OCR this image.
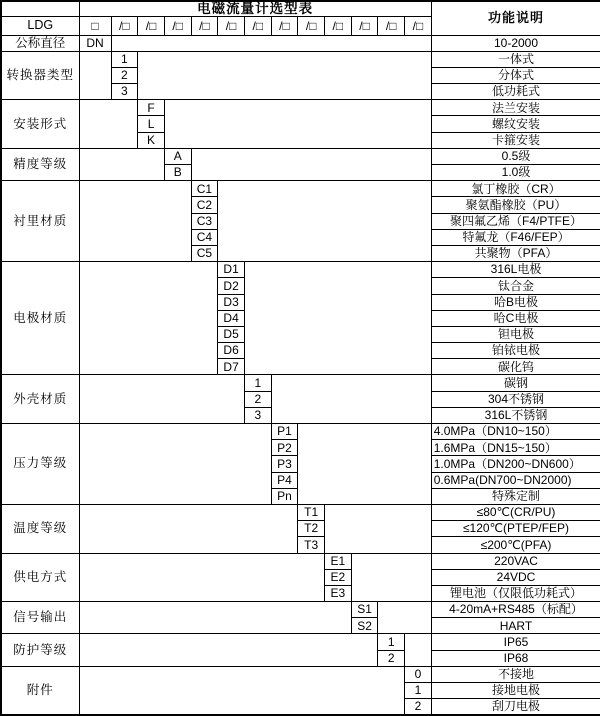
	电磁流量计选型表													功能说明
LDG	□	/□	/□	/□	/□	/□	/□	/□	/□	/□	/□	/□	/□	
公称直径	DN													10-2000
转换器类型		1												一体式
		2												分体式
		3												低功耗式
安装形式			F											法兰安装
			L											螺纹安装
			K											卡箍安装
精度等级				A										0.5级
				B										1.0级
衬里材质					C1									氯丁橡胶（CR）
					C2									聚氨酯橡胶（PU）
					C3									聚四氟乙烯（F4/PTFE）
					C4									特氟龙（F46/FEP）
					C5									共聚物（PFA）
电极材质						D1								316L电极
						D2								钛合金
						D3								哈B电极
						D4								哈C电极
						D5								钽电极
						D6								铂铱电极
						D7								碳化钨
外壳材质							1							碳钢
							2							304不锈钢
							3							316L不锈钢
压力等级								P1						4.0MPa（DN10~150）
								P2						1.6MPa（DN15~150）
								P3						1.0MPa（DN200~DN600）
								P4						0.6MPa(DN700~DN2000)
								Pn						特殊定制
温度等级									T1					≤80℃(CR/PU)
									T2					≤120℃(PTEP/FEP)
									T3					≤200℃(PFA)
供电方式										E1				220VAC
										E2				24VDC
										E3				锂电池（仅限低功耗式）
信号输出											S1			4-20mA+RS485（标配）
											S2			HART
防护等级												1		IP65
												2		IP68
附件													0	不接地
													1	接地电极
													2	刮刀电极
